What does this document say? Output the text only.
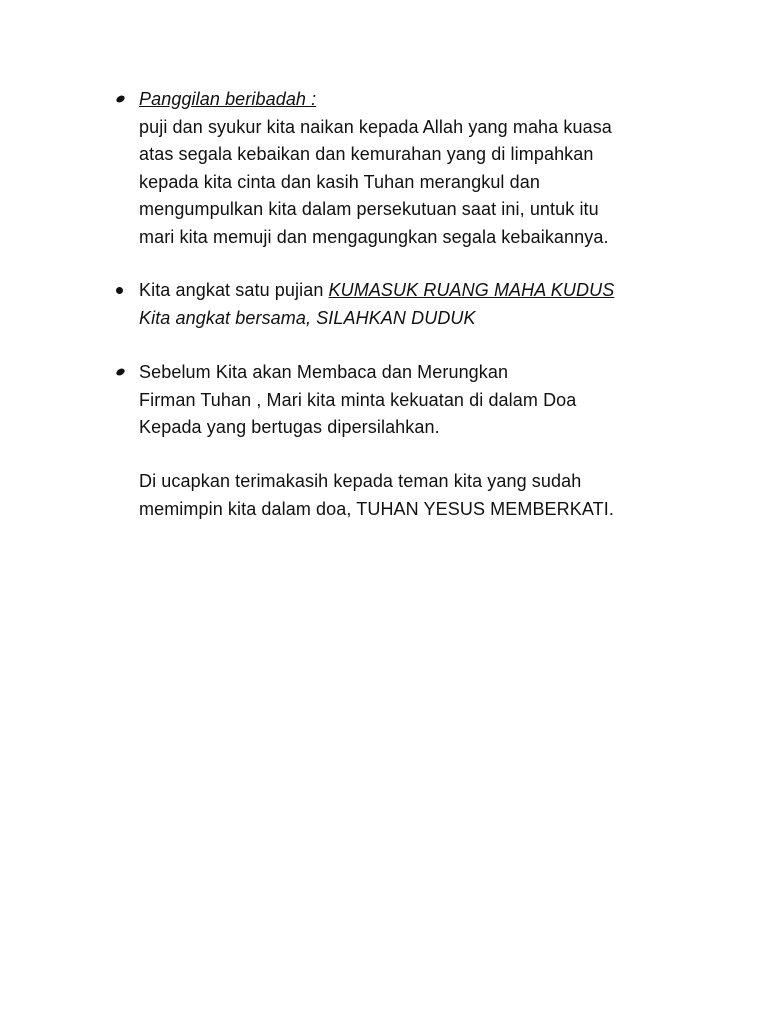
Panggilan beribadah :
puji dan syukur kita naikan kepada Allah yang maha kuasa
atas segala kebaikan dan kemurahan yang di limpahkan
kepada kita cinta dan kasih Tuhan merangkul dan
mengumpulkan kita dalam persekutuan saat ini, untuk itu
mari kita memuji dan mengagungkan segala kebaikannya.
Kita angkat satu pujian KUMASUK RUANG MAHA KUDUS
Kita angkat bersama, SILAHKAN DUDUK
Sebelum Kita akan Membaca dan Merungkan
Firman Tuhan , Mari kita minta kekuatan di dalam Doa
Kepada yang bertugas dipersilahkan.
Di ucapkan terimakasih kepada teman kita yang sudah
memimpin kita dalam doa, TUHAN YESUS MEMBERKATI.
